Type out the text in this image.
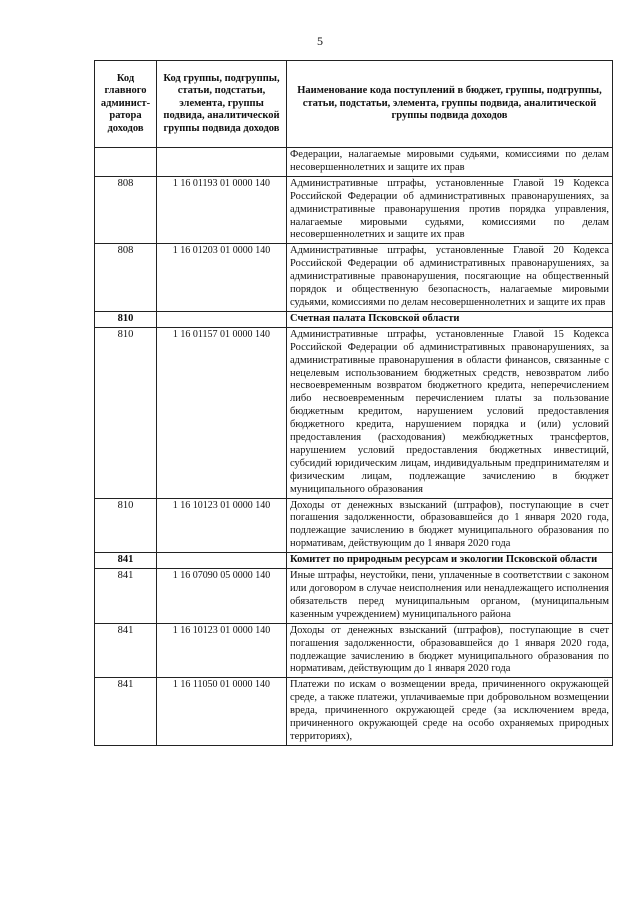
5
Код главного админист-ратора доходов	Код группы, подгруппы, статьи, подстатьи, элемента, группы подвида, аналитической группы подвида доходов	Наименование кода поступлений в бюджет, группы, подгруппы, статьи, подстатьи, элемента, группы подвида, аналитической группы подвида доходов
		Федерации, налагаемые мировыми судьями, комиссиями по делам несовершеннолетних и защите их прав
808	1 16 01193 01 0000 140	Административные штрафы, установленные Главой 19 Кодекса Российской Федерации об административных правонарушениях, за административные правонарушения против порядка управления, налагаемые мировыми судьями, комиссиями по делам несовершеннолетних и защите их прав
808	1 16 01203 01 0000 140	Административные штрафы, установленные Главой 20 Кодекса Российской Федерации об административных правонарушениях, за административные правонарушения, посягающие на общественный порядок и общественную безопасность, налагаемые мировыми судьями, комиссиями по делам несовершеннолетних и защите их прав
810		Счетная палата Псковской области
810	1 16 01157 01 0000 140	Административные штрафы, установленные Главой 15 Кодекса Российской Федерации об административных правонарушениях, за административные правонарушения в области финансов, связанные с нецелевым использованием бюджетных средств, невозвратом либо несвоевременным возвратом бюджетного кредита, неперечислением либо несвоевременным перечислением платы за пользование бюджетным кредитом, нарушением условий предоставления бюджетного кредита, нарушением порядка и (или) условий предоставления (расходования) межбюджетных трансфертов, нарушением условий предоставления бюджетных инвестиций, субсидий юридическим лицам, индивидуальным предпринимателям и физическим лицам, подлежащие зачислению в бюджет муниципального образования
810	1 16 10123 01 0000 140	Доходы от денежных взысканий (штрафов), поступающие в счет погашения задолженности, образовавшейся до 1 января 2020 года, подлежащие зачислению в бюджет муниципального образования по нормативам, действующим до 1 января 2020 года
841		Комитет по природным ресурсам и экологии Псковской области
841	1 16 07090 05 0000 140	Иные штрафы, неустойки, пени, уплаченные в соответствии с законом или договором в случае неисполнения или ненадлежащего исполнения обязательств перед муниципальным органом, (муниципальным казенным учреждением) муниципального района
841	1 16 10123 01 0000 140	Доходы от денежных взысканий (штрафов), поступающие в счет погашения задолженности, образовавшейся до 1 января 2020 года, подлежащие зачислению в бюджет муниципального образования по нормативам, действующим до 1 января 2020 года
841	1 16 11050 01 0000 140	Платежи по искам о возмещении вреда, причиненного окружающей среде, а также платежи, уплачиваемые при добровольном возмещении вреда, причиненного окружающей среде (за исключением вреда, причиненного окружающей среде на особо охраняемых природных территориях),
